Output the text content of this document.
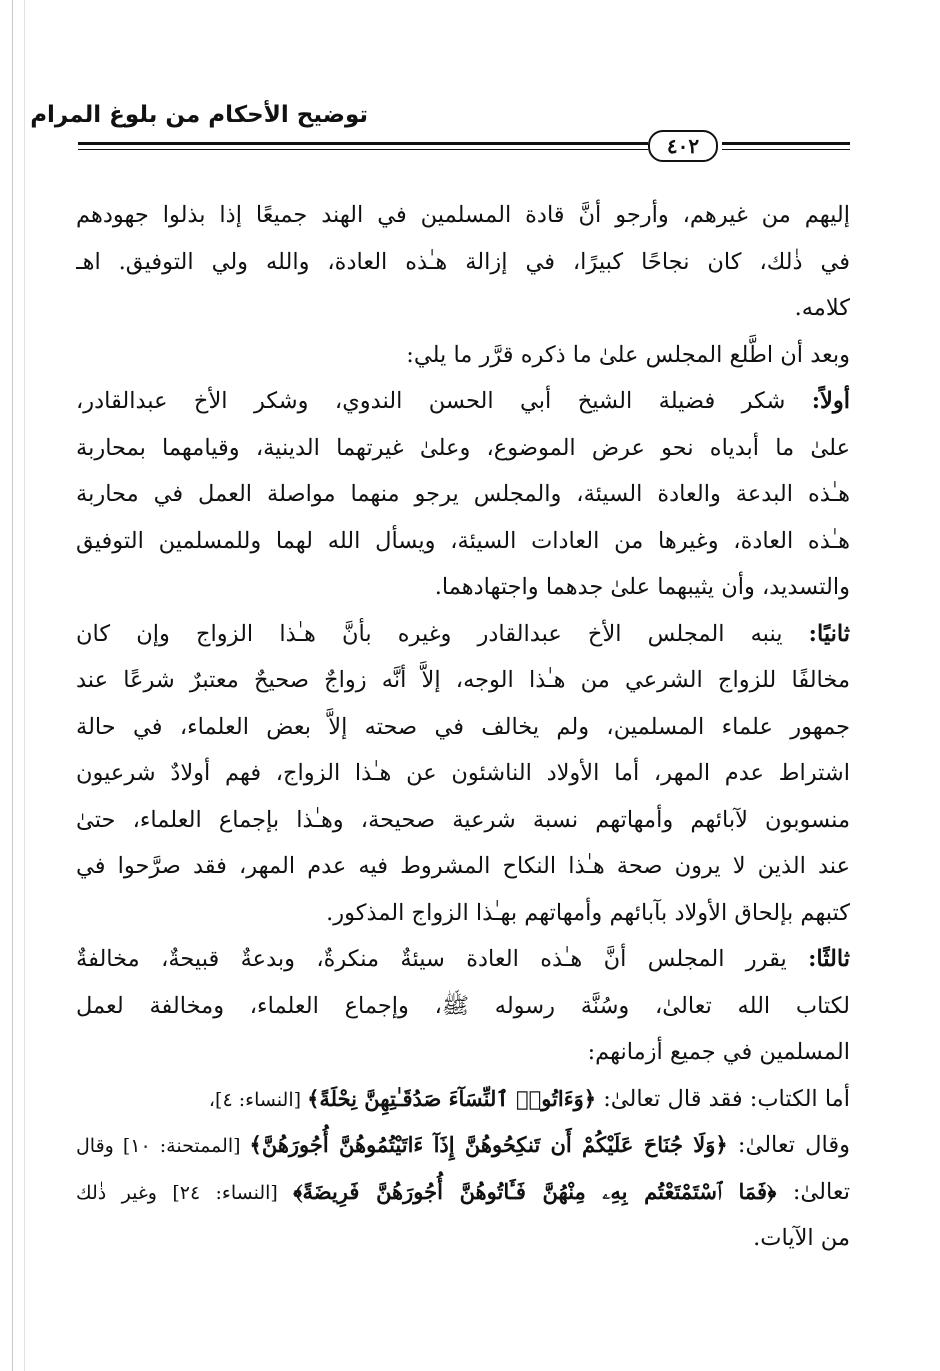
توضيح الأحكام من بلوغ المرام
٤٠٢
إليهم من غيرهم، وأرجو أنَّ قادة المسلمين في الهند جميعًا إذا بذلوا جهودهم
في ذٰلك، كان نجاحًا كبيرًا، في إزالة هـٰذه العادة، والله ولي التوفيق. اهـ
كلامه.
وبعد أن اطَّلع المجلس علىٰ ما ذكره قرَّر ما يلي:
أولاً: شكر فضيلة الشيخ أبي الحسن الندوي، وشكر الأخ عبدالقادر،
علىٰ ما أبدياه نحو عرض الموضوع، وعلىٰ غيرتهما الدينية، وقيامهما بمحاربة
هـٰذه البدعة والعادة السيئة، والمجلس يرجو منهما مواصلة العمل في محاربة
هـٰذه العادة، وغيرها من العادات السيئة، ويسأل الله لهما وللمسلمين التوفيق
والتسديد، وأن يثيبهما علىٰ جدهما واجتهادهما.
ثانيًا: ينبه المجلس الأخ عبدالقادر وغيره بأنَّ هـٰذا الزواج وإن كان
مخالفًا للزواج الشرعي من هـٰذا الوجه، إلاَّ أنَّه زواجٌ صحيحٌ معتبرٌ شرعًا عند
جمهور علماء المسلمين، ولم يخالف في صحته إلاَّ بعض العلماء، في حالة
اشتراط عدم المهر، أما الأولاد الناشئون عن هـٰذا الزواج، فهم أولادٌ شرعيون
منسوبون لآبائهم وأمهاتهم نسبة شرعية صحيحة، وهـٰذا بإجماع العلماء، حتىٰ
عند الذين لا يرون صحة هـٰذا النكاح المشروط فيه عدم المهر، فقد صرَّحوا في
كتبهم بإلحاق الأولاد بآبائهم وأمهاتهم بهـٰذا الزواج المذكور.
ثالثًا: يقرر المجلس أنَّ هـٰذه العادة سيئةٌ منكرةٌ، وبدعةٌ قبيحةٌ، مخالفةٌ
لكتاب الله تعالىٰ، وسُنَّة رسوله ﷺ، وإجماع العلماء، ومخالفة لعمل
المسلمين في جميع أزمانهم:
أما الكتاب: فقد قال تعالىٰ: ﴿وَءَاتُوا۟ ٱلنِّسَآءَ صَدُقَـٰتِهِنَّ نِحْلَةً﴾ [النساء: ٤]،
وقال تعالىٰ: ﴿وَلَا جُنَاحَ عَلَيْكُمْ أَن تَنكِحُوهُنَّ إِذَآ ءَاتَيْتُمُوهُنَّ أُجُورَهُنَّ﴾ [الممتحنة: ١٠] وقال
تعالىٰ: ﴿فَمَا ٱسْتَمْتَعْتُم بِهِۦ مِنْهُنَّ فَـَٔاتُوهُنَّ أُجُورَهُنَّ فَرِيضَةً﴾ [النساء: ٢٤] وغير ذٰلك
من الآيات.
